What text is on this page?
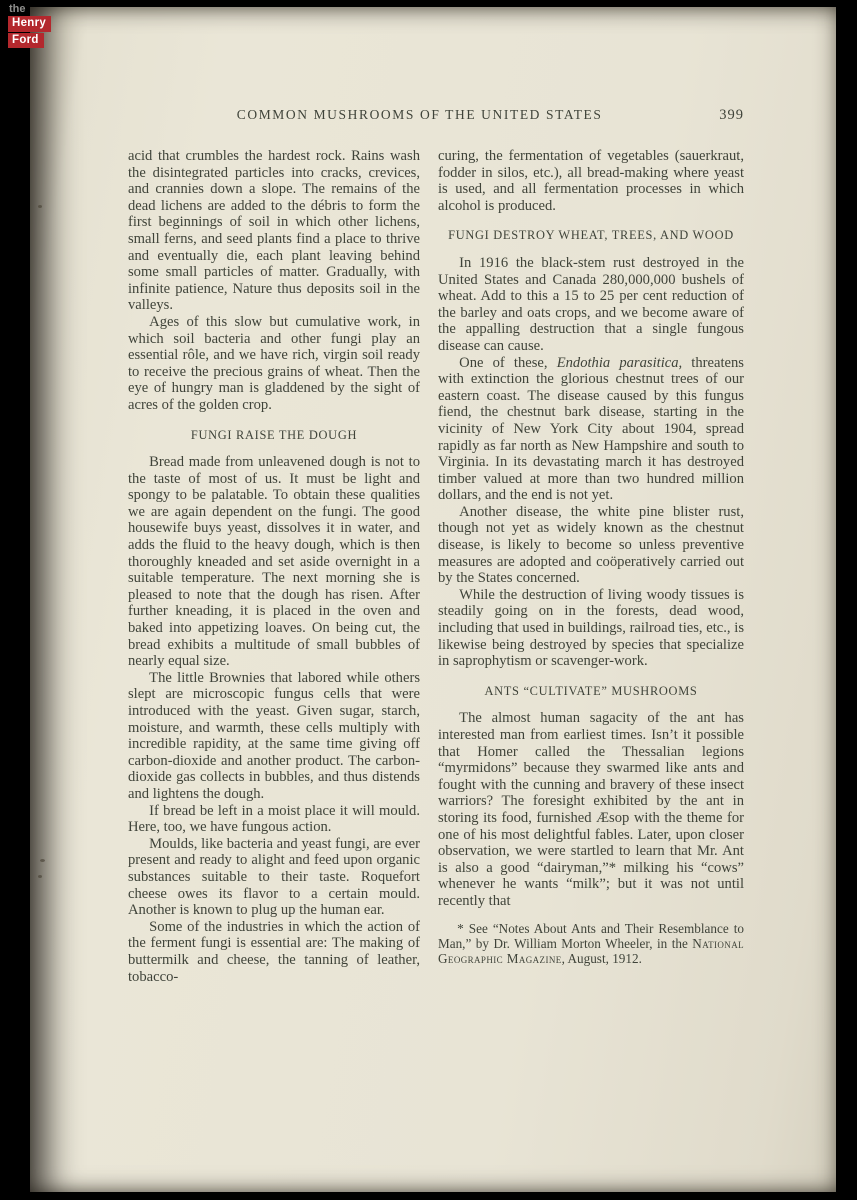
the
Henry
Ford
COMMON MUSHROOMS OF THE UNITED STATES	399

acid that crumbles the hardest rock. Rains wash the disintegrated particles into cracks, crevices, and crannies down a slope. The remains of the dead lichens are added to the débris to form the first beginnings of soil in which other lichens, small ferns, and seed plants find a place to thrive and eventually die, each plant leaving behind some small particles of matter. Gradually, with infinite patience, Nature thus deposits soil in the valleys.

Ages of this slow but cumulative work, in which soil bacteria and other fungi play an essential rôle, and we have rich, virgin soil ready to receive the precious grains of wheat. Then the eye of hungry man is gladdened by the sight of acres of the golden crop.

FUNGI RAISE THE DOUGH

Bread made from unleavened dough is not to the taste of most of us. It must be light and spongy to be palatable. To obtain these qualities we are again dependent on the fungi. The good housewife buys yeast, dissolves it in water, and adds the fluid to the heavy dough, which is then thoroughly kneaded and set aside overnight in a suitable temperature. The next morning she is pleased to note that the dough has risen. After further kneading, it is placed in the oven and baked into appetizing loaves. On being cut, the bread exhibits a multitude of small bubbles of nearly equal size.

The little Brownies that labored while others slept are microscopic fungus cells that were introduced with the yeast. Given sugar, starch, moisture, and warmth, these cells multiply with incredible rapidity, at the same time giving off carbon-dioxide and another product. The carbon-dioxide gas collects in bubbles, and thus distends and lightens the dough.

If bread be left in a moist place it will mould. Here, too, we have fungous action.

Moulds, like bacteria and yeast fungi, are ever present and ready to alight and feed upon organic substances suitable to their taste. Roquefort cheese owes its flavor to a certain mould. Another is known to plug up the human ear.

Some of the industries in which the action of the ferment fungi is essential are: The making of buttermilk and cheese, the tanning of leather, tobacco-

curing, the fermentation of vegetables (sauerkraut, fodder in silos, etc.), all bread-making where yeast is used, and all fermentation processes in which alcohol is produced.

FUNGI DESTROY WHEAT, TREES, AND WOOD

In 1916 the black-stem rust destroyed in the United States and Canada 280,000,000 bushels of wheat. Add to this a 15 to 25 per cent reduction of the barley and oats crops, and we become aware of the appalling destruction that a single fungous disease can cause.

One of these, Endothia parasitica, threatens with extinction the glorious chestnut trees of our eastern coast. The disease caused by this fungus fiend, the chestnut bark disease, starting in the vicinity of New York City about 1904, spread rapidly as far north as New Hampshire and south to Virginia. In its devastating march it has destroyed timber valued at more than two hundred million dollars, and the end is not yet.

Another disease, the white pine blister rust, though not yet as widely known as the chestnut disease, is likely to become so unless preventive measures are adopted and coöperatively carried out by the States concerned.

While the destruction of living woody tissues is steadily going on in the forests, dead wood, including that used in buildings, railroad ties, etc., is likewise being destroyed by species that specialize in saprophytism or scavenger-work.

ANTS “CULTIVATE” MUSHROOMS

The almost human sagacity of the ant has interested man from earliest times. Isn’t it possible that Homer called the Thessalian legions “myrmidons” because they swarmed like ants and fought with the cunning and bravery of these insect warriors? The foresight exhibited by the ant in storing its food, furnished Æsop with the theme for one of his most delightful fables. Later, upon closer observation, we were startled to learn that Mr. Ant is also a good “dairyman,”* milking his “cows” whenever he wants “milk”; but it was not until recently that

* See “Notes About Ants and Their Resemblance to Man,” by Dr. William Morton Wheeler, in the National Geographic Magazine, August, 1912.
